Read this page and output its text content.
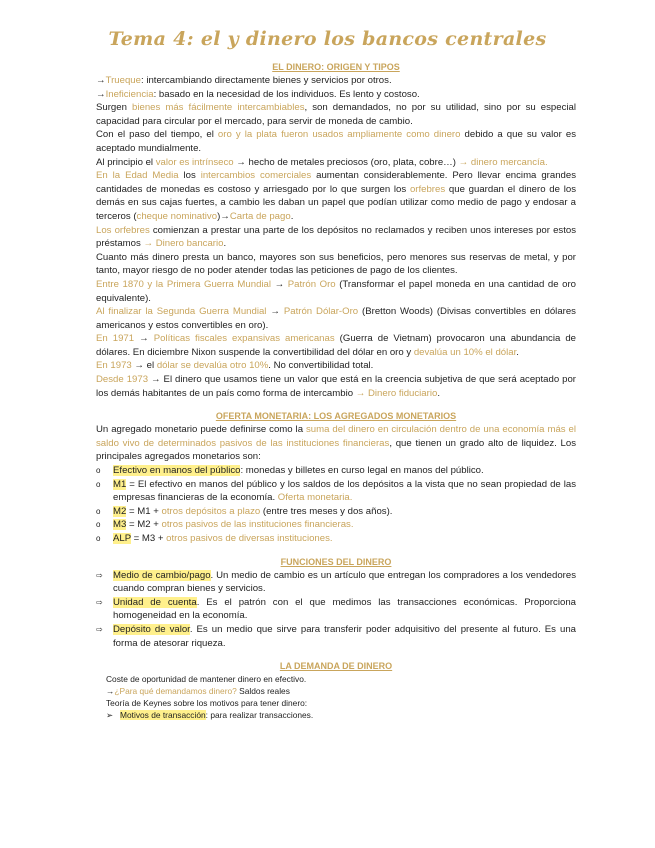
Tema 4: el y dinero los bancos centrales
EL DINERO: ORIGEN Y TIPOS

→Trueque: intercambiando directamente bienes y servicios por otros.

→Ineficiencia: basado en la necesidad de los individuos. Es lento y costoso.

Surgen bienes más fácilmente intercambiables, son demandados, no por su utilidad, sino por su especial capacidad para circular por el mercado, para servir de moneda de cambio.

Con el paso del tiempo, el oro y la plata fueron usados ampliamente como dinero debido a que su valor es aceptado mundialmente.

Al principio el valor es intrínseco → hecho de metales preciosos (oro, plata, cobre…) → dinero mercancía.

En la Edad Media los intercambios comerciales aumentan considerablemente. Pero llevar encima grandes cantidades de monedas es costoso y arriesgado por lo que surgen los orfebres que guardan el dinero de los demás en sus cajas fuertes, a cambio les daban un papel que podían utilizar como medio de pago y endosar a terceros (cheque nominativo)→Carta de pago.

Los orfebres comienzan a prestar una parte de los depósitos no reclamados y reciben unos intereses por estos préstamos → Dinero bancario.

Cuanto más dinero presta un banco, mayores son sus beneficios, pero menores sus reservas de metal, y por tanto, mayor riesgo de no poder atender todas las peticiones de pago de los clientes.

Entre 1870 y la Primera Guerra Mundial → Patrón Oro (Transformar el papel moneda en una cantidad de oro equivalente).

Al finalizar la Segunda Guerra Mundial → Patrón Dólar-Oro (Bretton Woods) (Divisas convertibles en dólares americanos y estos convertibles en oro).

En 1971 → Políticas fiscales expansivas americanas (Guerra de Vietnam) provocaron una abundancia de dólares. En diciembre Nixon suspende la convertibilidad del dólar en oro y devalúa un 10% el dólar.

En 1973 → el dólar se devalúa otro 10%. No convertibilidad total.

Desde 1973 → El dinero que usamos tiene un valor que está en la creencia subjetiva de que será aceptado por los demás habitantes de un país como forma de intercambio → Dinero fiduciario.

OFERTA MONETARIA: LOS AGREGADOS MONETARIOS

Un agregado monetario puede definirse como la suma del dinero en circulación dentro de una economía más el saldo vivo de determinados pasivos de las instituciones financieras, que tienen un grado alto de liquidez. Los principales agregados monetarios son:

o	Efectivo en manos del público: monedas y billetes en curso legal en manos del público.
o	M1 = El efectivo en manos del público y los saldos de los depósitos a la vista que no sean propiedad de las empresas financieras de la economía. Oferta monetaria.
o	M2 = M1 + otros depósitos a plazo (entre tres meses y dos años).
o	M3 = M2 + otros pasivos de las instituciones financieras.
o	ALP = M3 + otros pasivos de diversas instituciones.
FUNCIONES DEL DINERO
⇨	Medio de cambio/pago. Un medio de cambio es un artículo que entregan los compradores a los vendedores cuando compran bienes y servicios.
⇨	Unidad de cuenta. Es el patrón con el que medimos las transacciones económicas. Proporciona homogeneidad en la economía.
⇨	Depósito de valor. Es un medio que sirve para transferir poder adquisitivo del presente al futuro. Es una forma de atesorar riqueza.
LA DEMANDA DE DINERO
Coste de oportunidad de mantener dinero en efectivo.
→¿Para qué demandamos dinero? Saldos reales
Teoría de Keynes sobre los motivos para tener dinero:
➢ Motivos de transacción: para realizar transacciones.
